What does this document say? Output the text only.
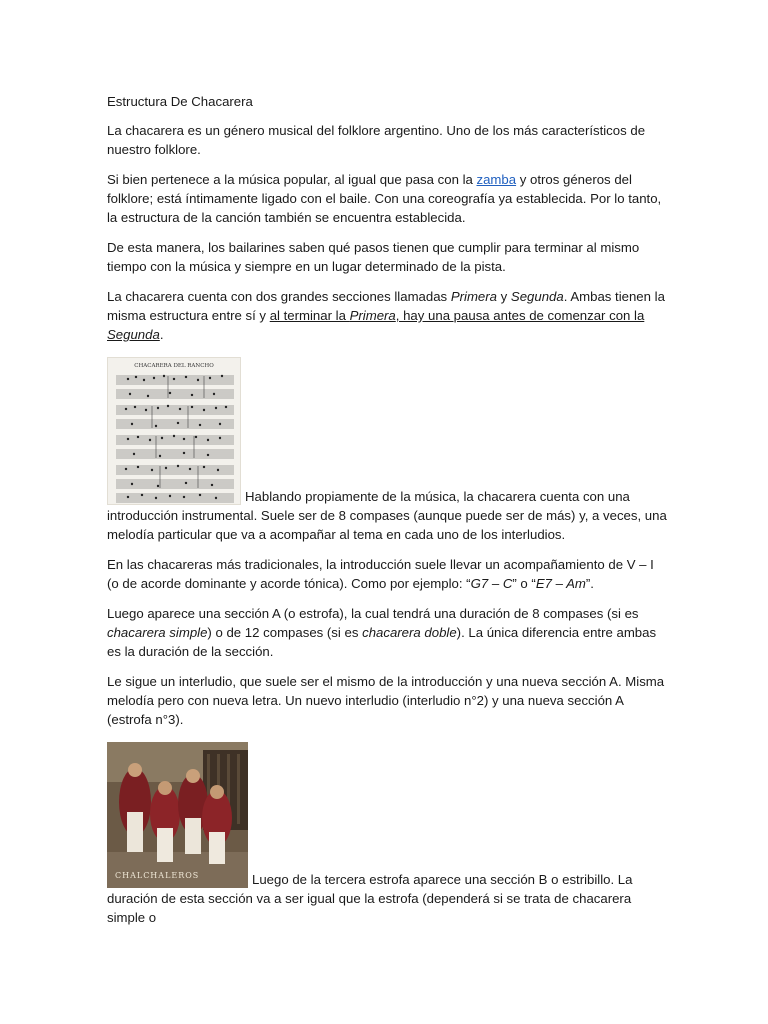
Estructura De Chacarera

La chacarera es un género musical del folklore argentino. Uno de los más característicos de nuestro folklore.

Si bien pertenece a la música popular, al igual que pasa con la zamba y otros géneros del folklore; está íntimamente ligado con el baile. Con una coreografía ya establecida. Por lo tanto, la estructura de la canción también se encuentra establecida.

De esta manera, los bailarines saben qué pasos tienen que cumplir para terminar al mismo tiempo con la música y siempre en un lugar determinado de la pista.

La chacarera cuenta con dos grandes secciones llamadas Primera y Segunda. Ambas tienen la misma estructura entre sí y al terminar la Primera, hay una pausa antes de comenzar con la Segunda.

CHACARERA DEL RANCHO

Hablando propiamente de la música, la chacarera cuenta con una introducción instrumental. Suele ser de 8 compases (aunque puede ser de más) y, a veces, una melodía particular que va a acompañar al tema en cada uno de los interludios.

En las chacareras más tradicionales, la introducción suele llevar un acompañamiento de V – I (o de acorde dominante y acorde tónica). Como por ejemplo: “G7 – C” o “E7 – Am”.

Luego aparece una sección A (o estrofa), la cual tendrá una duración de 8 compases (si es chacarera simple) o de 12 compases (si es chacarera doble). La única diferencia entre ambas es la duración de la sección.

Le sigue un interludio, que suele ser el mismo de la introducción y una nueva sección A. Misma melodía pero con nueva letra. Un nuevo interludio (interludio n°2) y una nueva sección A (estrofa n°3).

CHALCHALEROS	Luego de la tercera estrofa aparece una sección B o estribillo. La duración de esta sección va a ser igual que la estrofa (dependerá si se trata de chacarera simple o
